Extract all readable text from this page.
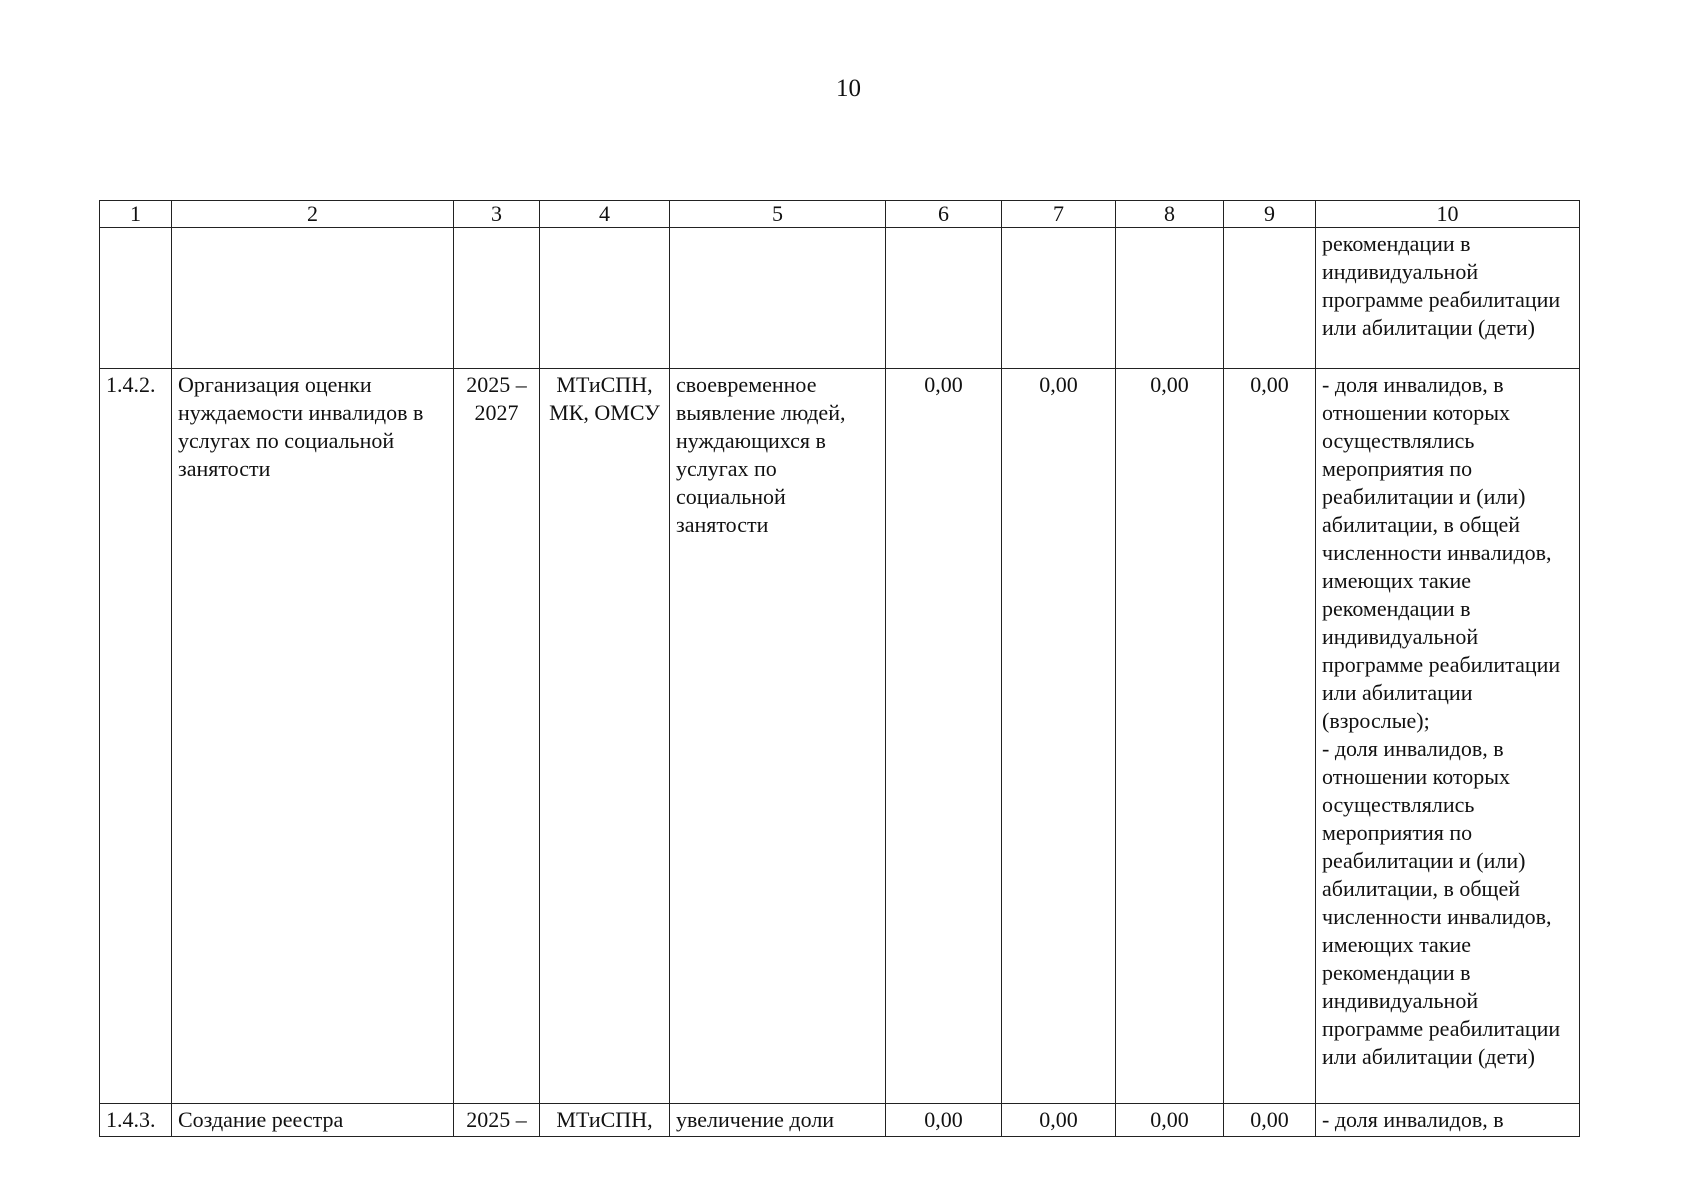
10
1	2	3	4	5	6	7	8	9	10
									рекомендации в индивидуальной программе реабилитации или абилитации (дети)
1.4.2.	Организация оценки нуждаемости инвалидов в услугах по социальной занятости	2025 – 2027	МТиСПН, МК, ОМСУ	своевременное выявление людей, нуждающихся в услугах по социальной занятости	0,00	0,00	0,00	0,00	- доля инвалидов, в отношении которых осуществлялись мероприятия по реабилитации и (или) абилитации, в общей численности инвалидов, имеющих такие рекомендации в индивидуальной программе реабилитации или абилитации (взрослые);
- доля инвалидов, в отношении которых осуществлялись мероприятия по реабилитации и (или) абилитации, в общей численности инвалидов, имеющих такие рекомендации в индивидуальной программе реабилитации или абилитации (дети)
1.4.3.	Создание реестра	2025 –	МТиСПН,	увеличение доли	0,00	0,00	0,00	0,00	- доля инвалидов, в
